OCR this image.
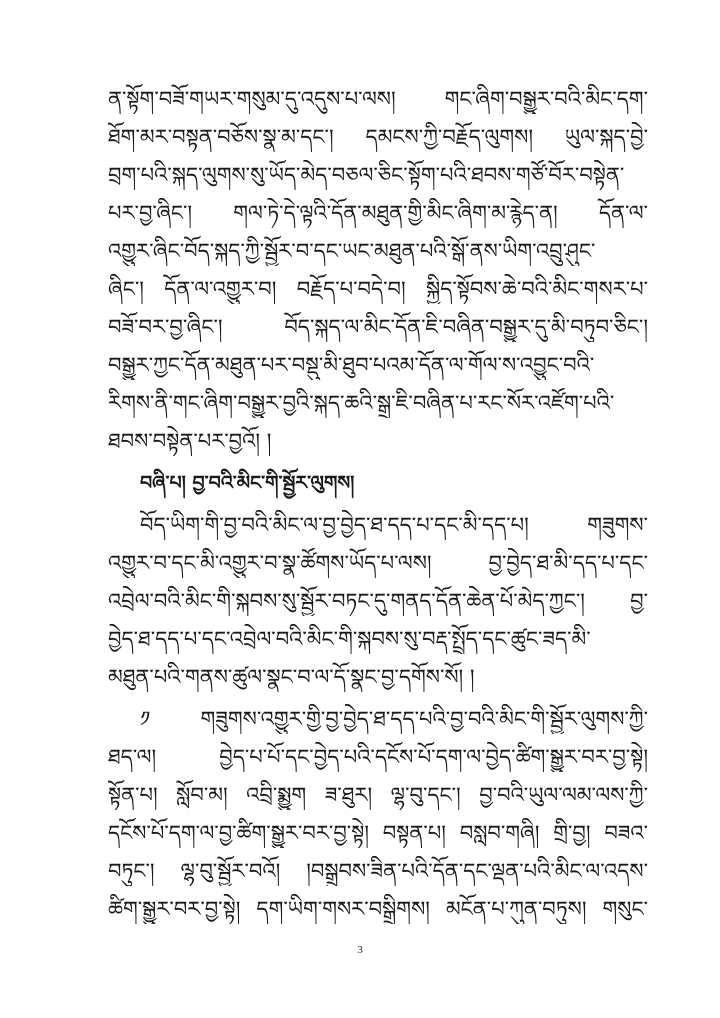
ན་སྟོག་བཟོ་གཡར་གསུམ་དུ་འདུས་པ་ལས། གང་ཞིག་བསྒྱུར་བའི་མིང་དག་
ཐོག་མར་བསྟན་བཅོས་སྣ་མ་དང་། དམངས་ཀྱི་བརྗོད་ལུགས། ཡུལ་སྐད་བྱེ་
བྲག་པའི་སྐད་ལུགས་སུ་ཡོད་མེད་བཅལ་ཅིང་སྟོག་པའི་ཐབས་གཙོ་བོར་བསྟེན་
པར་བྱ་ཞིང་། གལ་ཏེ་དེ་ལྟའི་དོན་མཐུན་གྱི་མིང་ཞིག་མ་རྙེད་ན། དོན་ལ་
འགྱུར་ཞིང་བོད་སྐད་ཀྱི་སྦྱོར་བ་དང་ཡང་མཐུན་པའི་སྒོ་ནས་ཡིག་འབྲུ་ཤུང་
ཞིང་། དོན་ལ་འགྱུར་བ། བརྗོད་པ་བདེ་བ། སྐྱིད་སྟོབས་ཆེ་བའི་མིང་གསར་པ་
བཟོ་བར་བྱ་ཞིང་། བོད་སྐད་ལ་མིང་དོན་ཇི་བཞིན་བསྒྱུར་དུ་མི་བཏུབ་ཅིང་།
བསྒྱུར་ཀྱང་དོན་མཐུན་པར་བསྡུ་མི་ཐུབ་པའམ་དོན་ལ་གོལ་ས་འབྱུང་བའི་
རིགས་ནི་གང་ཞིག་བསྒྱུར་བྱའི་སྐད་ཆའི་སྒྲ་ཇི་བཞིན་པ་རང་སོར་འཛོག་པའི་
ཐབས་བསྟེན་པར་བྱའོ། །
བཞི་པ། བྱ་བའི་མིང་གི་སྦྱོར་ལུགས།
བོད་ཡིག་གི་བྱ་བའི་མིང་ལ་བྱ་བྱེད་ཐ་དད་པ་དང་མི་དད་པ། གཟུགས་
འགྱུར་བ་དང་མི་འགྱུར་བ་སྣ་ཚོགས་ཡོད་པ་ལས། བྱ་བྱེད་ཐ་མི་དད་པ་དང་
འབྲེལ་བའི་མིང་གི་སྐབས་སུ་སྦྱོར་བཏང་དུ་གནད་དོན་ཆེན་པོ་མེད་ཀྱང་། བྱ་
བྱེད་ཐ་དད་པ་དང་འབྲེལ་བའི་མིང་གི་སྐབས་སུ་བརྡ་སྤྲོད་དང་ཚུང་ཟད་མི་
མཐུན་པའི་གནས་ཚུལ་སྣང་བ་ལ་དོ་སྣང་བྱ་དགོས་སོ། །
༡ གཟུགས་འགྱུར་གྱི་བྱ་བྱེད་ཐ་དད་པའི་བྱ་བའི་མིང་གི་སྦྱོར་ལུགས་ཀྱི་
ཐད་ལ། བྱེད་པ་པོ་དང་བྱེད་པའི་དངོས་པོ་དག་ལ་བྱེད་ཚིག་སྒྱུར་བར་བྱ་སྟེ།
སྟོན་པ། སློབ་མ། འབྲི་སྨྱུག ཟ་ཐུར། ལྷ་བུ་དང་། བྱ་བའི་ཡུལ་ལམ་ལས་ཀྱི་
དངོས་པོ་དག་ལ་བྱ་ཚིག་སྒྱུར་བར་བྱ་སྟེ། བསྟན་པ། བསླབ་གཞི། གྲི་བྱ། བཟའ་
བཏུང་། ལྷ་བུ་སྦྱོར་བའོ། །བསྒྲུབས་ཟིན་པའི་དོན་དང་ལྡན་པའི་མིང་ལ་འདས་
ཚིག་སྒྱུར་བར་བྱ་སྟེ། དག་ཡིག་གསར་བསྒྲིགས། མངོན་པ་ཀུན་བཏུས། གསུང་
3
